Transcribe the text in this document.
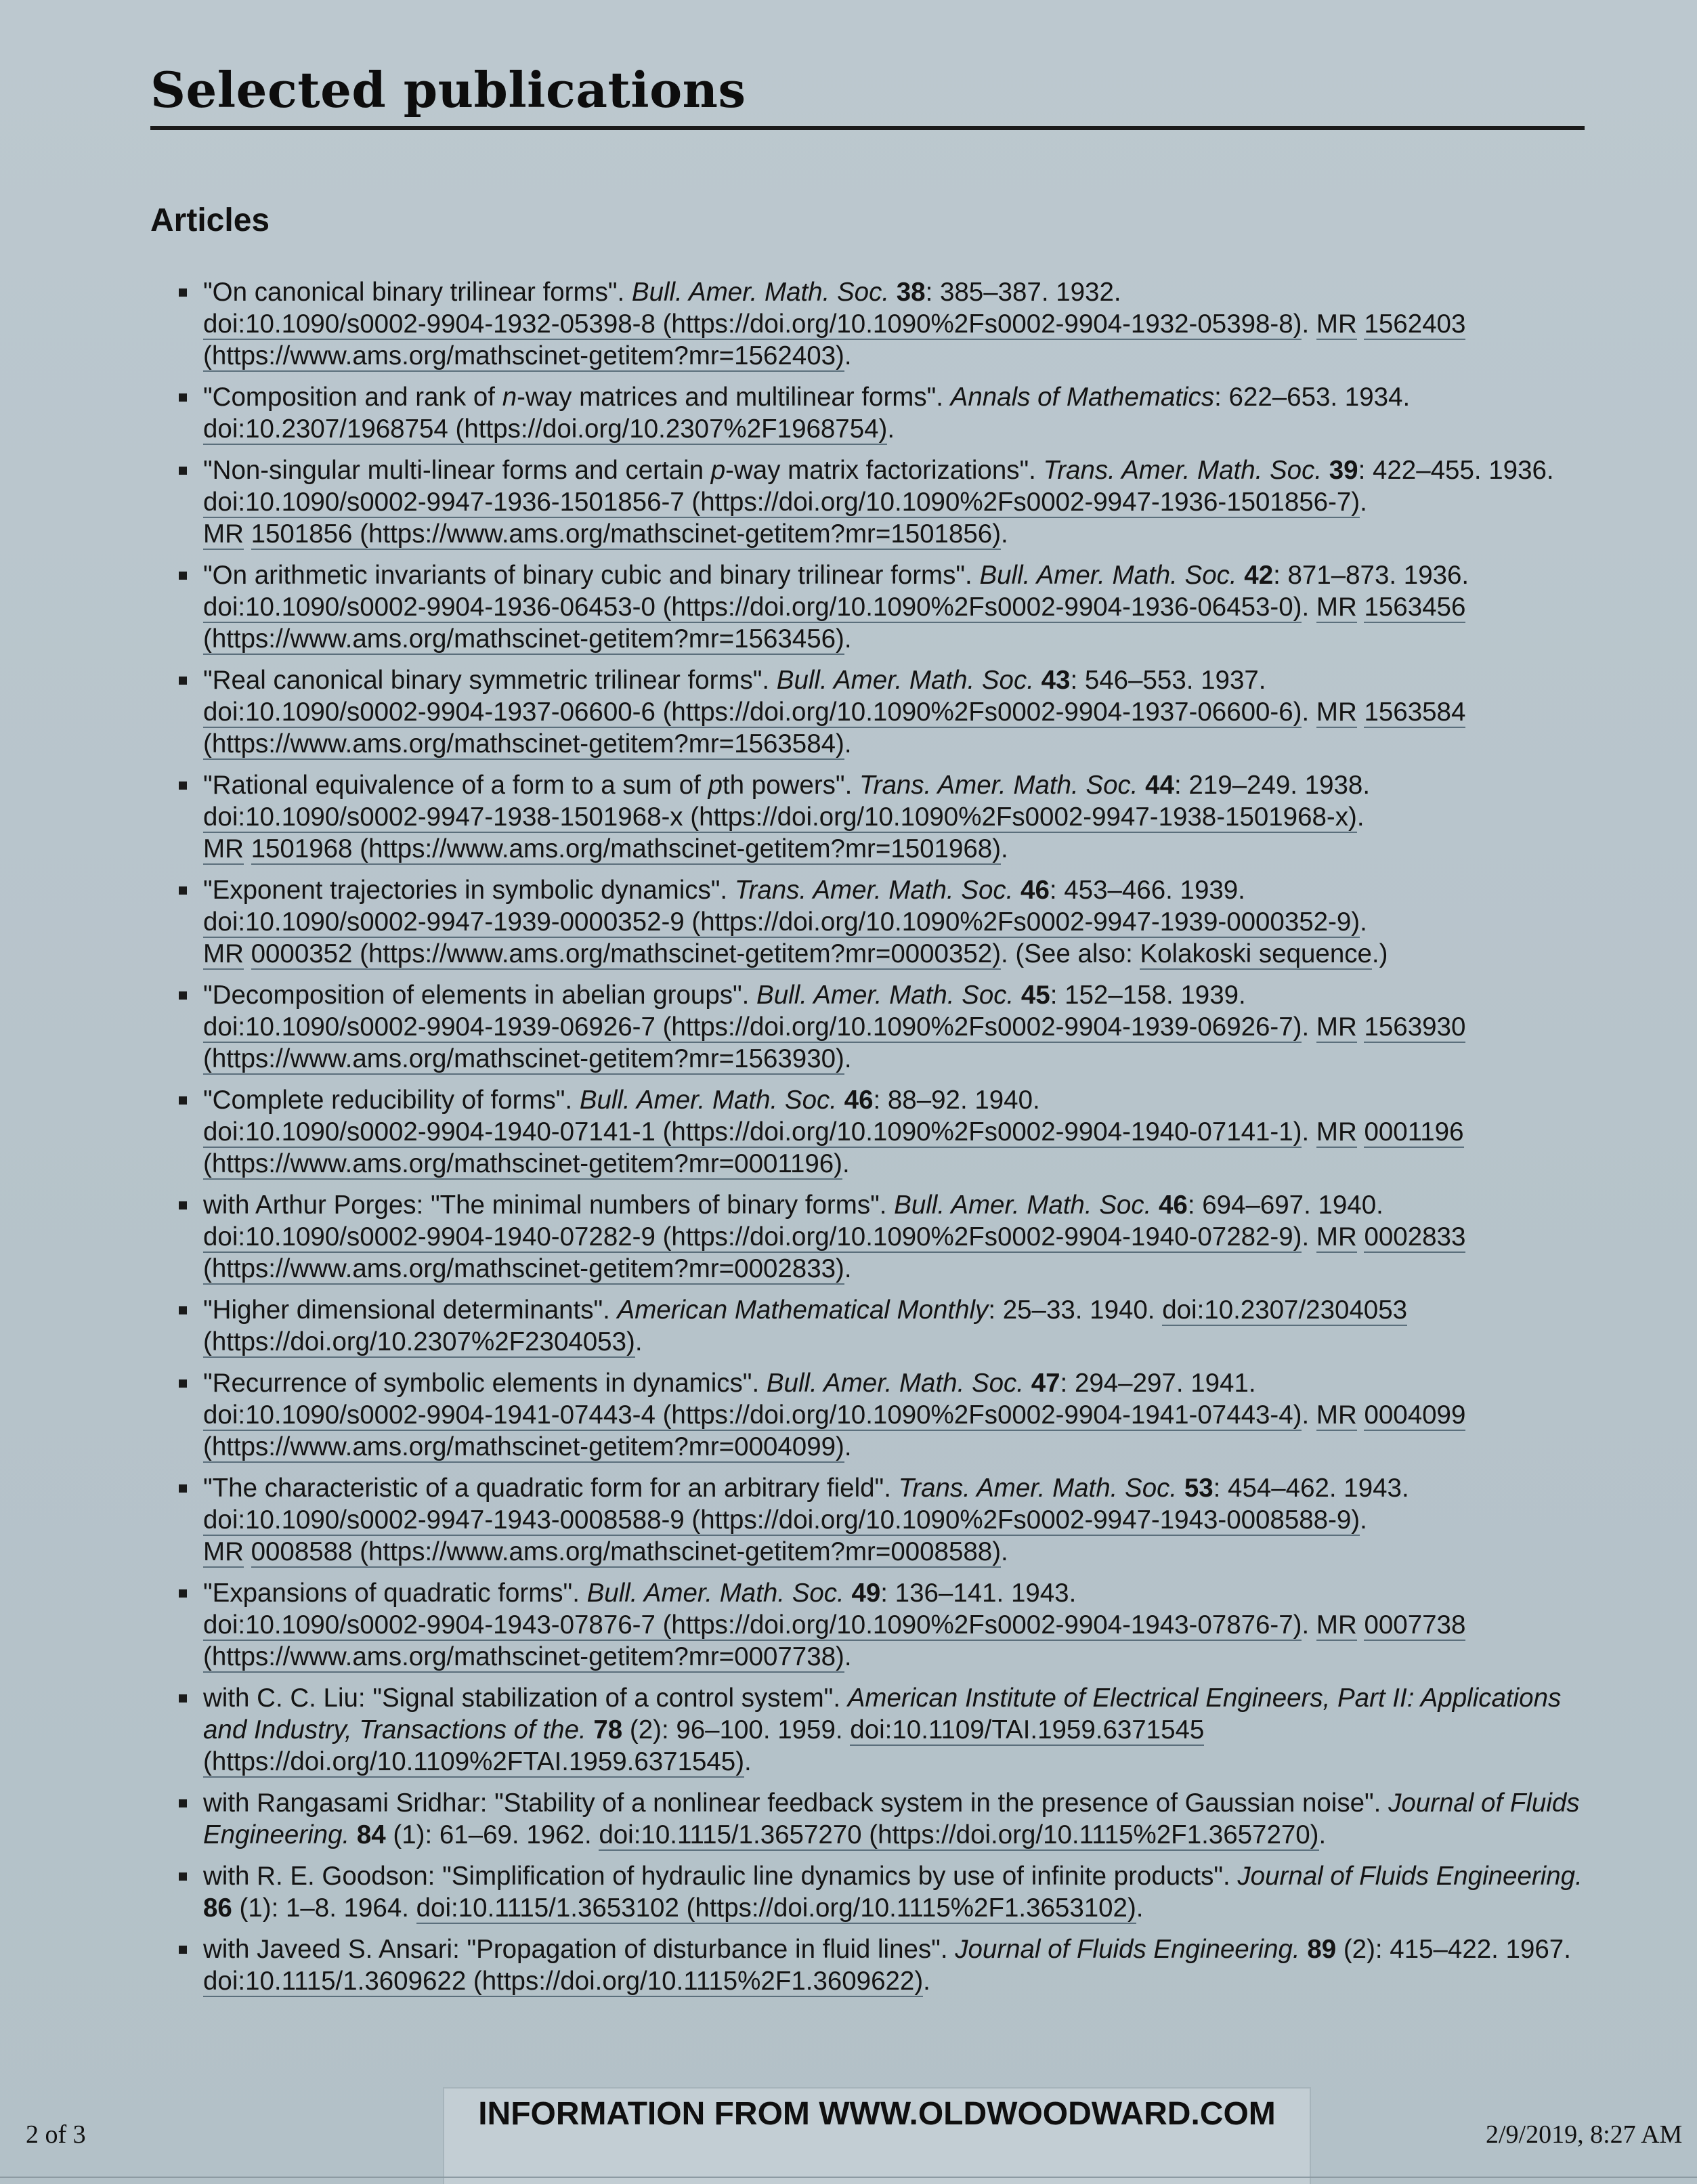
Selected publications
Articles
"On canonical binary trilinear forms". Bull. Amer. Math. Soc. 38: 385–387. 1932.
doi:10.1090/s0002-9904-1932-05398-8 (https://doi.org/10.1090%2Fs0002-9904-1932-05398-8). MR 1562403 (https://www.ams.org/mathscinet-getitem?mr=1562403).
"Composition and rank of n-way matrices and multilinear forms". Annals of Mathematics: 622–653. 1934.
doi:10.2307/1968754 (https://doi.org/10.2307%2F1968754).
"Non-singular multi-linear forms and certain p-way matrix factorizations". Trans. Amer. Math. Soc. 39: 422–455. 1936. doi:10.1090/s0002-9947-1936-1501856-7 (https://doi.org/10.1090%2Fs0002-9947-1936-1501856-7).
MR 1501856 (https://www.ams.org/mathscinet-getitem?mr=1501856).
"On arithmetic invariants of binary cubic and binary trilinear forms". Bull. Amer. Math. Soc. 42: 871–873. 1936.
doi:10.1090/s0002-9904-1936-06453-0 (https://doi.org/10.1090%2Fs0002-9904-1936-06453-0). MR 1563456 (https://www.ams.org/mathscinet-getitem?mr=1563456).
"Real canonical binary symmetric trilinear forms". Bull. Amer. Math. Soc. 43: 546–553. 1937.
doi:10.1090/s0002-9904-1937-06600-6 (https://doi.org/10.1090%2Fs0002-9904-1937-06600-6). MR 1563584 (https://www.ams.org/mathscinet-getitem?mr=1563584).
"Rational equivalence of a form to a sum of pth powers". Trans. Amer. Math. Soc. 44: 219–249. 1938.
doi:10.1090/s0002-9947-1938-1501968-x (https://doi.org/10.1090%2Fs0002-9947-1938-1501968-x).
MR 1501968 (https://www.ams.org/mathscinet-getitem?mr=1501968).
"Exponent trajectories in symbolic dynamics". Trans. Amer. Math. Soc. 46: 453–466. 1939.
doi:10.1090/s0002-9947-1939-0000352-9 (https://doi.org/10.1090%2Fs0002-9947-1939-0000352-9).
MR 0000352 (https://www.ams.org/mathscinet-getitem?mr=0000352). (See also: Kolakoski sequence.)
"Decomposition of elements in abelian groups". Bull. Amer. Math. Soc. 45: 152–158. 1939.
doi:10.1090/s0002-9904-1939-06926-7 (https://doi.org/10.1090%2Fs0002-9904-1939-06926-7). MR 1563930 (https://www.ams.org/mathscinet-getitem?mr=1563930).
"Complete reducibility of forms". Bull. Amer. Math. Soc. 46: 88–92. 1940.
doi:10.1090/s0002-9904-1940-07141-1 (https://doi.org/10.1090%2Fs0002-9904-1940-07141-1). MR 0001196 (https://www.ams.org/mathscinet-getitem?mr=0001196).
with Arthur Porges: "The minimal numbers of binary forms". Bull. Amer. Math. Soc. 46: 694–697. 1940.
doi:10.1090/s0002-9904-1940-07282-9 (https://doi.org/10.1090%2Fs0002-9904-1940-07282-9). MR 0002833 (https://www.ams.org/mathscinet-getitem?mr=0002833).
"Higher dimensional determinants". American Mathematical Monthly: 25–33. 1940. doi:10.2307/2304053 (https://doi.org/10.2307%2F2304053).
"Recurrence of symbolic elements in dynamics". Bull. Amer. Math. Soc. 47: 294–297. 1941.
doi:10.1090/s0002-9904-1941-07443-4 (https://doi.org/10.1090%2Fs0002-9904-1941-07443-4). MR 0004099 (https://www.ams.org/mathscinet-getitem?mr=0004099).
"The characteristic of a quadratic form for an arbitrary field". Trans. Amer. Math. Soc. 53: 454–462. 1943.
doi:10.1090/s0002-9947-1943-0008588-9 (https://doi.org/10.1090%2Fs0002-9947-1943-0008588-9).
MR 0008588 (https://www.ams.org/mathscinet-getitem?mr=0008588).
"Expansions of quadratic forms". Bull. Amer. Math. Soc. 49: 136–141. 1943.
doi:10.1090/s0002-9904-1943-07876-7 (https://doi.org/10.1090%2Fs0002-9904-1943-07876-7). MR 0007738 (https://www.ams.org/mathscinet-getitem?mr=0007738).
with C. C. Liu: "Signal stabilization of a control system". American Institute of Electrical Engineers, Part II: Applications and Industry, Transactions of the. 78 (2): 96–100. 1959. doi:10.1109/TAI.1959.6371545 (https://doi.org/10.1109%2FTAI.1959.6371545).
with Rangasami Sridhar: "Stability of a nonlinear feedback system in the presence of Gaussian noise". Journal of Fluids Engineering. 84 (1): 61–69. 1962. doi:10.1115/1.3657270 (https://doi.org/10.1115%2F1.3657270).
with R. E. Goodson: "Simplification of hydraulic line dynamics by use of infinite products". Journal of Fluids Engineering. 86 (1): 1–8. 1964. doi:10.1115/1.3653102 (https://doi.org/10.1115%2F1.3653102).
with Javeed S. Ansari: "Propagation of disturbance in fluid lines". Journal of Fluids Engineering. 89 (2): 415–422. 1967. doi:10.1115/1.3609622 (https://doi.org/10.1115%2F1.3609622).
2 of 3
INFORMATION FROM WWW.OLDWOODWARD.COM
2/9/2019, 8:27 AM
